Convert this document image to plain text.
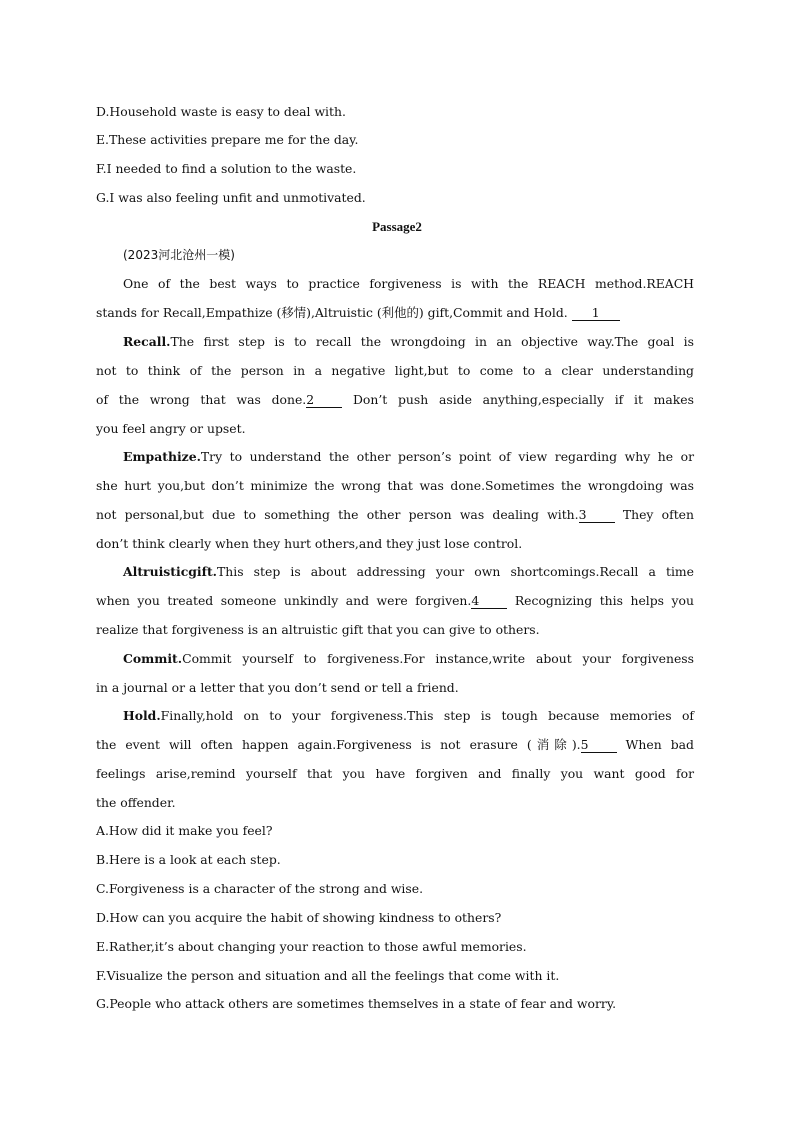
D.Household waste is easy to deal with.
E.These activities prepare me for the day.
F.I needed to find a solution to the waste.
G.I was also feeling unfit and unmotivated.
Passage2
(2023河北沧州一模)
One of the best ways to practice forgiveness is with the REACH method.REACH
stands for Recall,Empathize (移情),Altruistic (利他的) gift,Commit and Hold. 1
Recall.The first step is to recall the wrongdoing in an objective way.The goal is
not to think of the person in a negative light,but to come to a clear understanding
of the wrong that was done.2 Don’t push aside anything,especially if it makes
you feel angry or upset.
Empathize.Try to understand the other person’s point of view regarding why he or
she hurt you,but don’t minimize the wrong that was done.Sometimes the wrongdoing was
not personal,but due to something the other person was dealing with.3 They often
don’t think clearly when they hurt others,and they just lose control.
Altruisticgift.This step is about addressing your own shortcomings.Recall a time
when you treated someone unkindly and were forgiven.4 Recognizing this helps you
realize that forgiveness is an altruistic gift that you can give to others.
Commit.Commit yourself to forgiveness.For instance,write about your forgiveness
in a journal or a letter that you don’t send or tell a friend.
Hold.Finally,hold on to your forgiveness.This step is tough because memories of
the event will often happen again.Forgiveness is not erasure (消除).5 When bad
feelings arise,remind yourself that you have forgiven and finally you want good for
the offender.
A.How did it make you feel?
B.Here is a look at each step.
C.Forgiveness is a character of the strong and wise.
D.How can you acquire the habit of showing kindness to others?
E.Rather,it’s about changing your reaction to those awful memories.
F.Visualize the person and situation and all the feelings that come with it.
G.People who attack others are sometimes themselves in a state of fear and worry.
